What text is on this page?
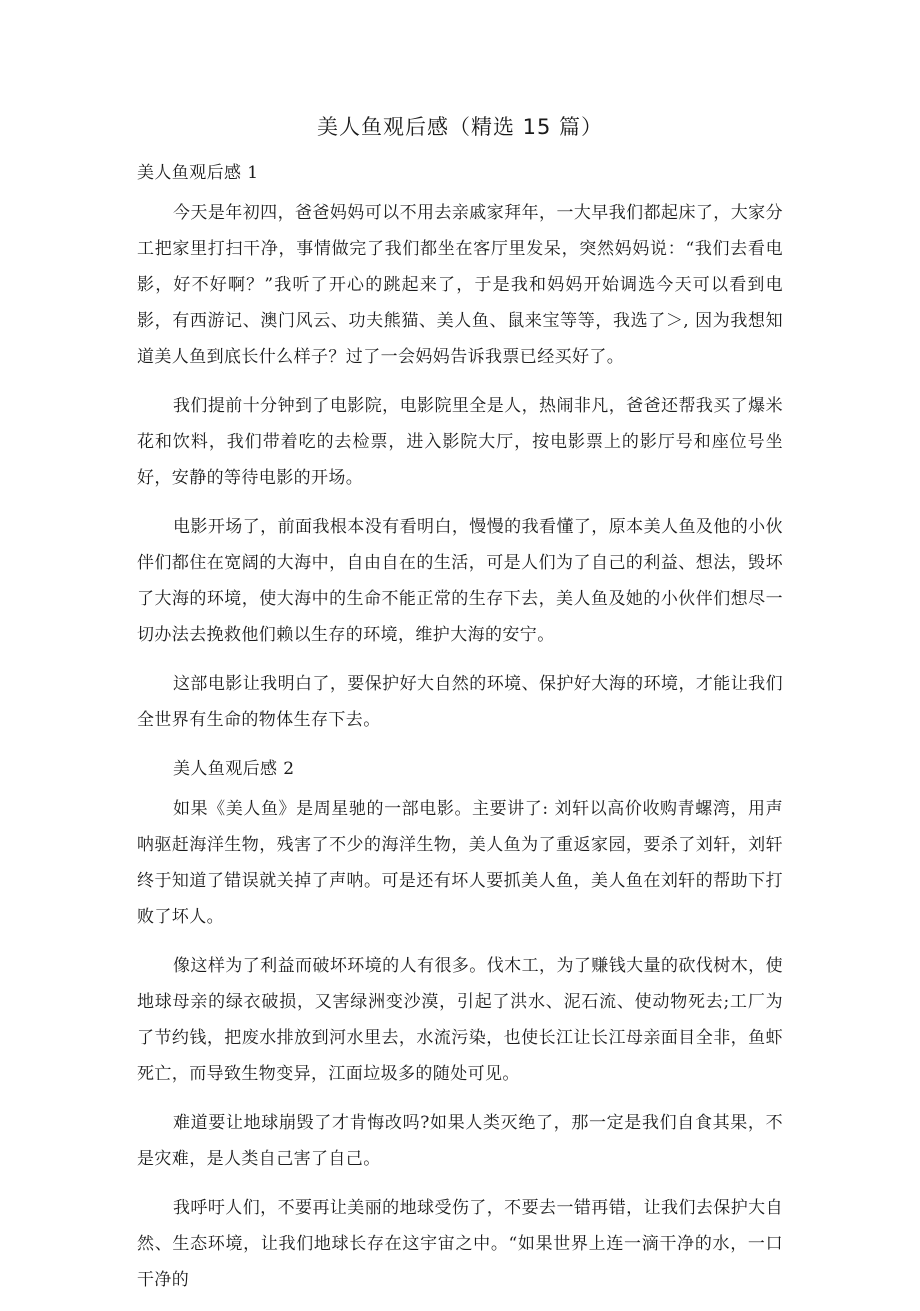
美人鱼观后感（精选 15 篇）

美人鱼观后感 1

今天是年初四，爸爸妈妈可以不用去亲戚家拜年，一大早我们都起床了，大家分工把家里打扫干净，事情做完了我们都坐在客厅里发呆，突然妈妈说：“我们去看电影，好不好啊？”我听了开心的跳起来了，于是我和妈妈开始调选今天可以看到电影，有西游记、澳门风云、功夫熊猫、美人鱼、鼠来宝等等，我选了＞, 因为我想知道美人鱼到底长什么样子？过了一会妈妈告诉我票已经买好了。

我们提前十分钟到了电影院，电影院里全是人，热闹非凡，爸爸还帮我买了爆米花和饮料，我们带着吃的去检票，进入影院大厅，按电影票上的影厅号和座位号坐好，安静的等待电影的开场。

电影开场了，前面我根本没有看明白，慢慢的我看懂了，原本美人鱼及他的小伙伴们都住在宽阔的大海中，自由自在的生活，可是人们为了自己的利益、想法，毁坏了大海的环境，使大海中的生命不能正常的生存下去，美人鱼及她的小伙伴们想尽一切办法去挽救他们赖以生存的环境，维护大海的安宁。

这部电影让我明白了，要保护好大自然的环境、保护好大海的环境，才能让我们全世界有生命的物体生存下去。

美人鱼观后感 2

如果《美人鱼》是周星驰的一部电影。主要讲了: 刘轩以高价收购青螺湾，用声呐驱赶海洋生物，残害了不少的海洋生物，美人鱼为了重返家园，要杀了刘轩，刘轩终于知道了错误就关掉了声呐。可是还有坏人要抓美人鱼，美人鱼在刘轩的帮助下打败了坏人。

像这样为了利益而破坏环境的人有很多。伐木工，为了赚钱大量的砍伐树木，使地球母亲的绿衣破损，又害绿洲变沙漠，引起了洪水、泥石流、使动物死去;工厂为了节约钱，把废水排放到河水里去，水流污染，也使长江让长江母亲面目全非，鱼虾死亡，而导致生物变异，江面垃圾多的随处可见。

难道要让地球崩毁了才肯悔改吗?如果人类灭绝了，那一定是我们自食其果，不是灾难，是人类自己害了自己。

我呼吁人们，不要再让美丽的地球受伤了，不要去一错再错，让我们去保护大自然、生态环境，让我们地球长存在这宇宙之中。“如果世界上连一滴干净的水，一口干净的
